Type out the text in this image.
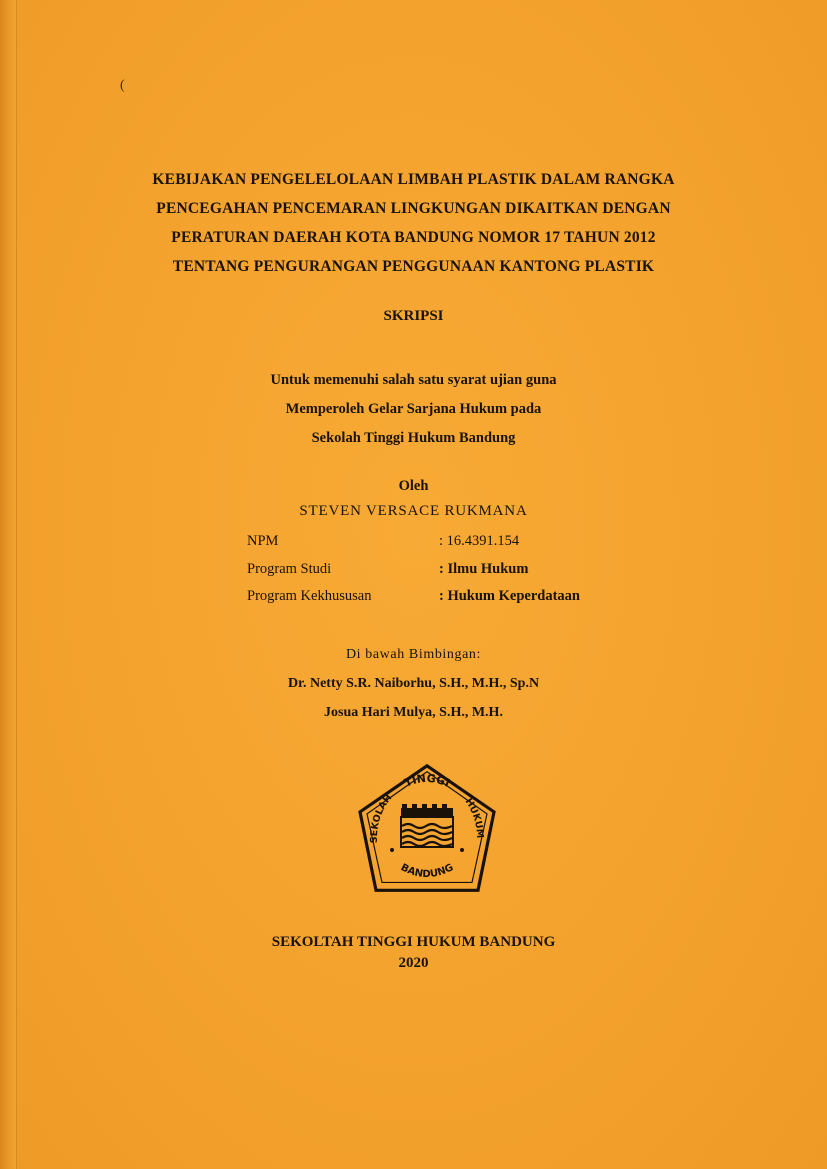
(
KEBIJAKAN PENGELELOLAAN LIMBAH PLASTIK DALAM RANGKA
PENCEGAHAN PENCEMARAN LINGKUNGAN DIKAITKAN DENGAN
PERATURAN DAERAH KOTA BANDUNG NOMOR 17 TAHUN 2012
TENTANG PENGURANGAN PENGGUNAAN KANTONG PLASTIK
SKRIPSI
Untuk memenuhi salah satu syarat ujian guna
Memperoleh Gelar Sarjana Hukum pada
Sekolah Tinggi Hukum Bandung
Oleh
STEVEN VERSACE RUKMANA
NPM	: 16.4391.154
Program Studi	: Ilmu Hukum
Program Kekhususan	: Hukum Keperdataan
Di bawah Bimbingan:
Dr. Netty S.R. Naiborhu, S.H., M.H., Sp.N
Josua Hari Mulya, S.H., M.H.
TINGGI
SEKOLAH	HUKUM
BANDUNG
SEKOLTAH TINGGI HUKUM BANDUNG
2020
